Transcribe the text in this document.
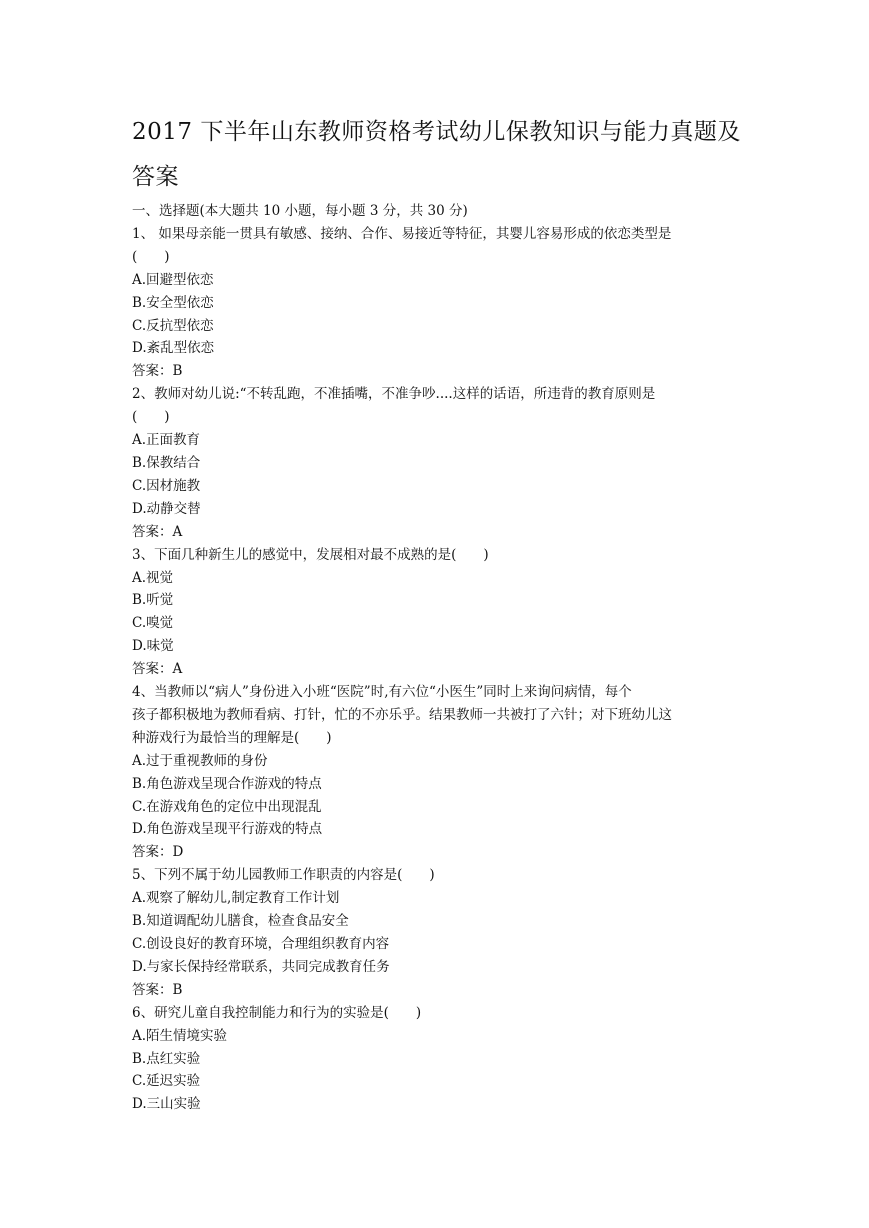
2017 下半年山东教师资格考试幼儿保教知识与能力真题及
答案

一、选择题(本大题共 10 小题，每小题 3 分，共 30 分)

1、 如果母亲能一贯具有敏感、接纳、合作、易接近等特征，其婴儿容易形成的依恋类型是

(　　)

A.回避型依恋

B.安全型依恋

C.反抗型依恋

D.紊乱型依恋

答案：B

2、教师对幼儿说:“不转乱跑，不准插嘴，不准争吵....这样的话语，所违背的教育原则是

(　　)

A.正面教育

B.保教结合

C.因材施教

D.动静交替

答案：A

3、下面几种新生儿的感觉中，发展相对最不成熟的是(　　)

A.视觉

B.听觉

C.嗅觉

D.味觉

答案：A

4、当教师以“病人”身份进入小班“医院”时,有六位“小医生”同时上来询问病情，每个

孩子都积极地为教师看病、打针，忙的不亦乐乎。结果教师一共被打了六针；对下班幼儿这

种游戏行为最恰当的理解是(　　)

A.过于重视教师的身份

B.角色游戏呈现合作游戏的特点

C.在游戏角色的定位中出现混乱

D.角色游戏呈现平行游戏的特点

答案：D

5、下列不属于幼儿园教师工作职责的内容是(　　)

A.观察了解幼儿,制定教育工作计划

B.知道调配幼儿膳食，检查食品安全

C.创设良好的教育环境，合理组织教育内容

D.与家长保持经常联系，共同完成教育任务

答案：B

6、研究儿童自我控制能力和行为的实验是(　　)

A.陌生情境实验

B.点红实验

C.延迟实验

D.三山实验
